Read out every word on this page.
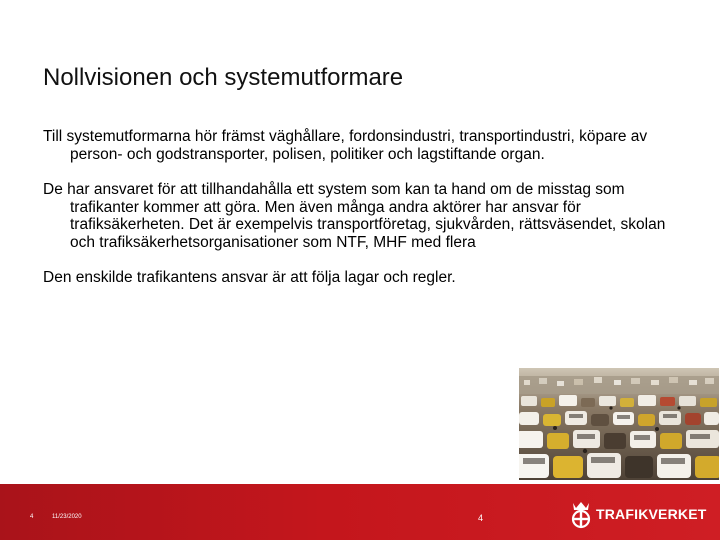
Nollvisionen och systemutformare

Till systemutformarna hör främst väghållare, fordonsindustri, transportindustri, köpare av person- och godstransporter, polisen, politiker och lagstiftande organ.

De har ansvaret för att tillhandahålla ett system som kan ta hand om de misstag som trafikanter kommer att göra. Men även många andra aktörer har ansvar för trafiksäkerheten. Det är exempelvis transportföretag, sjukvården, rättsväsendet, skolan och trafiksäkerhetsorganisationer som NTF, MHF med flera

Den enskilde trafikantens ansvar är att följa lagar och regler.

4	11/23/2020	4	TRAFIKVERKET
